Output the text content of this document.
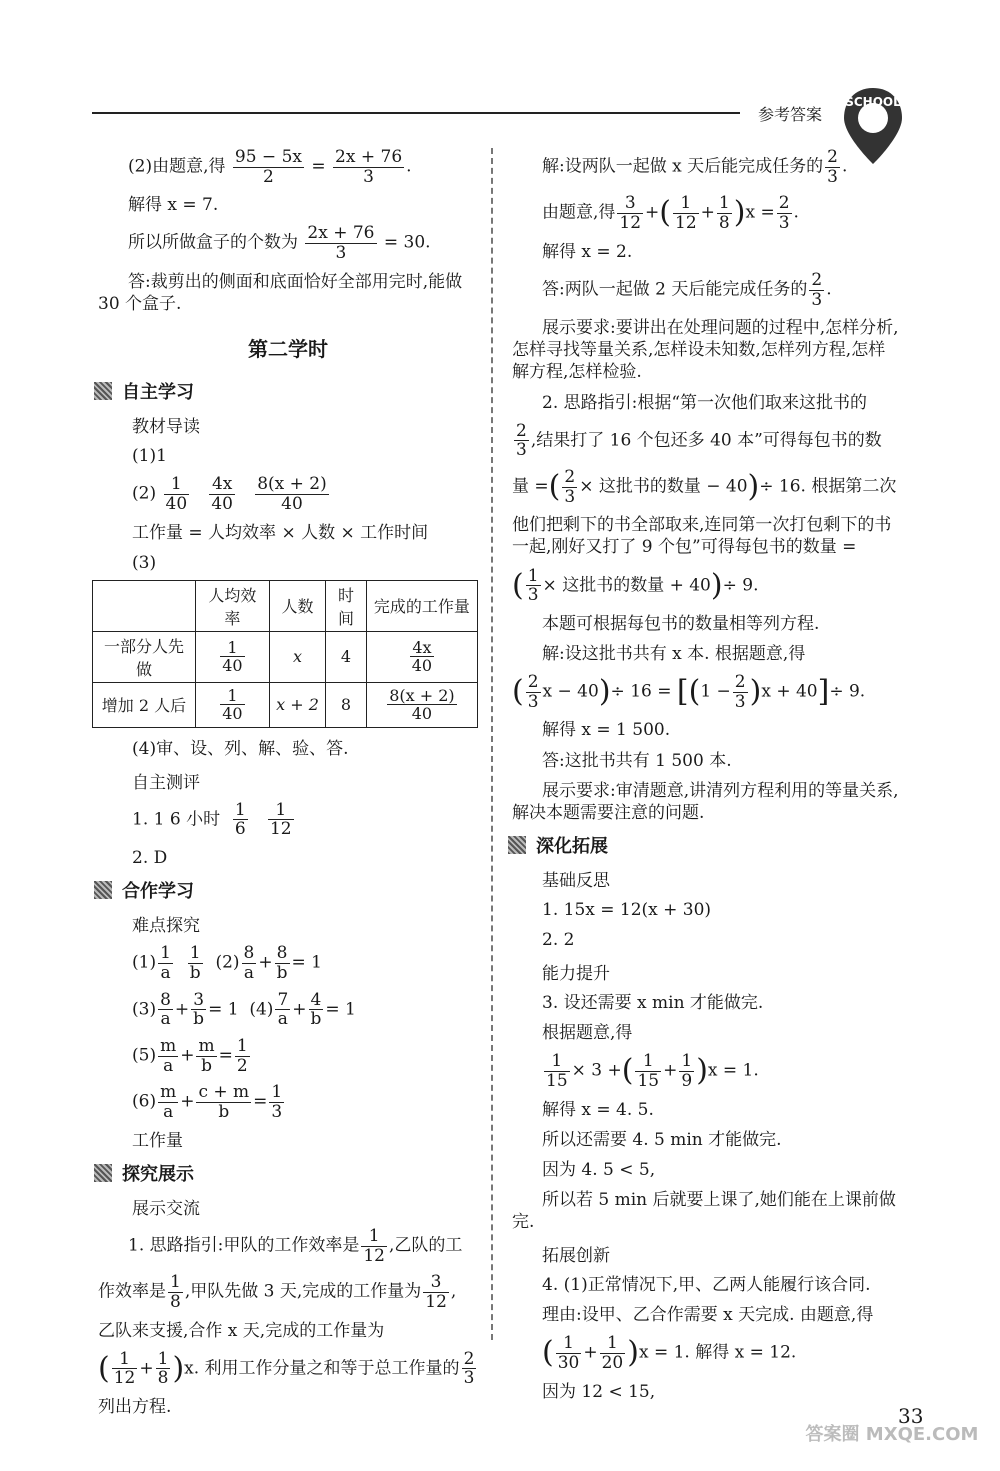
参考答案
SCHOOL
(2)由题意,得 $\frac{95 - 5x}{2} = \frac{2x + 76}{3}$ .
解得 x = 7.
所以所做盒子的个数为 $\frac{2x + 76}{3} = 30$.
答:裁剪出的侧面和底面恰好全部用完时,能做 30 个盒子.
第二学时
自主学习
教材导读
(1)1
$(2) \frac{1}{40}$
$\frac{4x}{40}$
$\frac{8(x + 2)}{40}$
工作量 = 人均效率 × 人数 × 工作时间
(3)
	人均效率	人数	时间	完成的工作量
一部分人先做	$\frac{1}{40}$	x	4	$\frac{4x}{40}$

增加 2 人后	$\frac{1}{40}$	x + 2	8	$\frac{8(x + 2)}{40}$
(4)审、设、列、解、验、答.
自主测评
1. 1 6 小时 $\frac{1}{6}$
$\frac{1}{12}$
2. D
合作学习
难点探究
$(1) \frac{1}{a}$
$\frac{1}{b} (2) \frac{8}{a} + \frac{8}{b} = 1$
$(3) \frac{8}{a} + \frac{3}{b} = 1$ $(4) \frac{7}{a} + \frac{4}{b} = 1$
$(5) \frac{m}{a} + \frac{m}{b} = \frac{1}{2}$
$(6) \frac{m}{a} + \frac{c + m}{b} = \frac{1}{3}$
工作量
探究展示
展示交流
1. 思路指引:甲队的工作效率是 $\frac{1}{12}$ ,乙队的工
作效率是 $\frac{1}{8}$ ,甲队先做 3 天,完成的工作量为 $\frac{3}{12}$ ,
乙队来支援,合作 x 天,完成的工作量为
( $\frac{1}{12} + \frac{1}{8} )x$. 利用工作分量之和等于总工作量的 $\frac{2}{3}$
列出方程.
解:设两队一起做 x 天后能完成任务的 $\frac{2}{3}$ .
由题意,得 $\frac{3}{12}$ +( $\frac{1}{12} + \frac{1}{8} )x = \frac{2}{3}$ .
解得 x = 2.
答:两队一起做 2 天后能完成任务的 $\frac{2}{3}$ .
展示要求:要讲出在处理问题的过程中,怎样分析,怎样寻找等量关系,怎样设未知数,怎样列方程,怎样解方程,怎样检验.
2. 思路指引:根据“第一次他们取来这批书的
$\frac{2}{3}$ ,结果打了 16 个包还多 40 本”可得每包书的数
量 =( $\frac{2}{3}$ × 这批书的数量 − 40)÷ 16. 根据第二次
他们把剩下的书全部取来,连同第一次打包剩下的书一起,刚好又打了 9 个包”可得每包书的数量 =
( $\frac{1}{3}$ × 这批书的数量 + 40)÷ 9.
本题可根据每包书的数量相等列方程.
解:设这批书共有 x 本. 根据题意,得
( $\frac{2}{3}$ $x - 40)\div 16 = [(1 - \frac{2}{3} )x + 40]\div 9$.
解得 x = 1 500.
答:这批书共有 1 500 本.
展示要求:审清题意,讲清列方程利用的等量关系,解决本题需要注意的问题.
深化拓展
基础反思
1. 15x = 12(x + 30)
2. 2
能力提升
3. 设还需要 x min 才能做完.
根据题意,得
$\frac{1}{15} \times 3$ +( $\frac{1}{15} + \frac{1}{9} )x = 1$.
解得 x = 4. 5.
所以还需要 4. 5 min 才能做完.
因为 4. 5 < 5,
所以若 5 min 后就要上课了,她们能在上课前做完.
拓展创新
4. (1)正常情况下,甲、乙两人能履行该合同.
理由:设甲、乙合作需要 x 天完成. 由题意,得
( $\frac{1}{30} + \frac{1}{20} )x = 1$. 解得 x = 12.
因为 12 < 15,
33
答案圈 MXQE.COM
